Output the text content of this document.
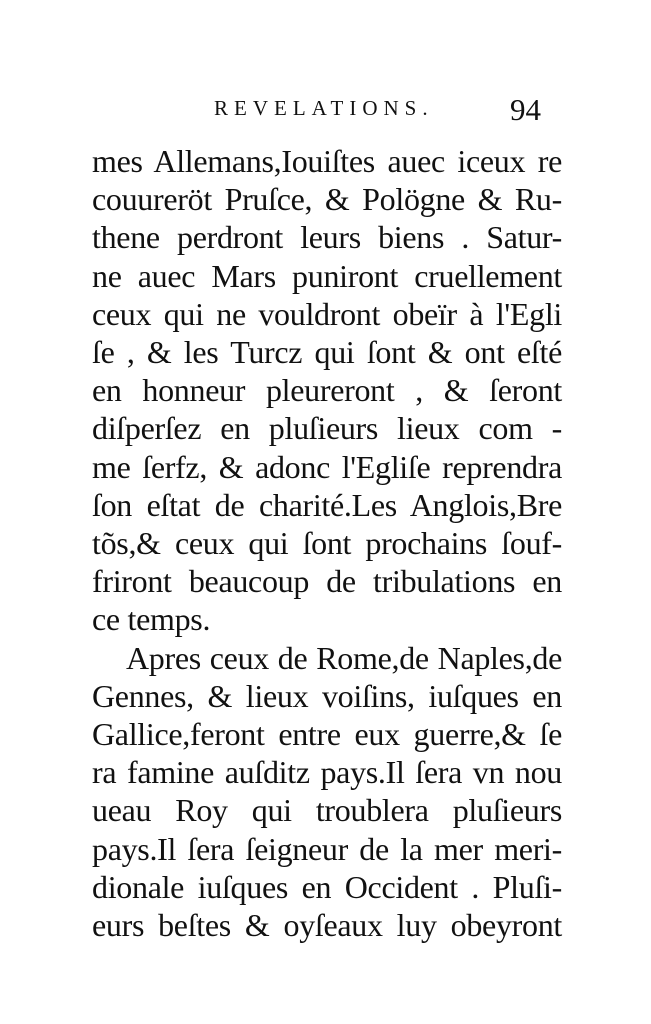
REVELATIONS. 94
mes Allemans,Iouiſtes auec iceux re
couureröt Pruſce, & Polögne & Ru-
thene perdront leurs biens . Satur-
ne auec Mars puniront cruellement
ceux qui ne vouldront obeïr à l'Egli
ſe , & les Turcz qui ſont & ont eſté
en honneur pleureront , & ſeront
diſperſez en pluſieurs lieux com -
me ſerfz, & adonc l'Egliſe reprendra
ſon eſtat de charité.Les Anglois,Bre
tõs,& ceux qui ſont prochains ſouf-
friront beaucoup de tribulations en
ce temps.
Apres ceux de Rome,de Naples,de
Gennes, & lieux voiſins, iuſques en
Gallice,feront entre eux guerre,& ſe
ra famine auſditz pays.Il ſera vn nou
ueau Roy qui troublera pluſieurs
pays.Il ſera ſeigneur de la mer meri-
dionale iuſques en Occident . Pluſi-
eurs beſtes & oyſeaux luy obeyront
